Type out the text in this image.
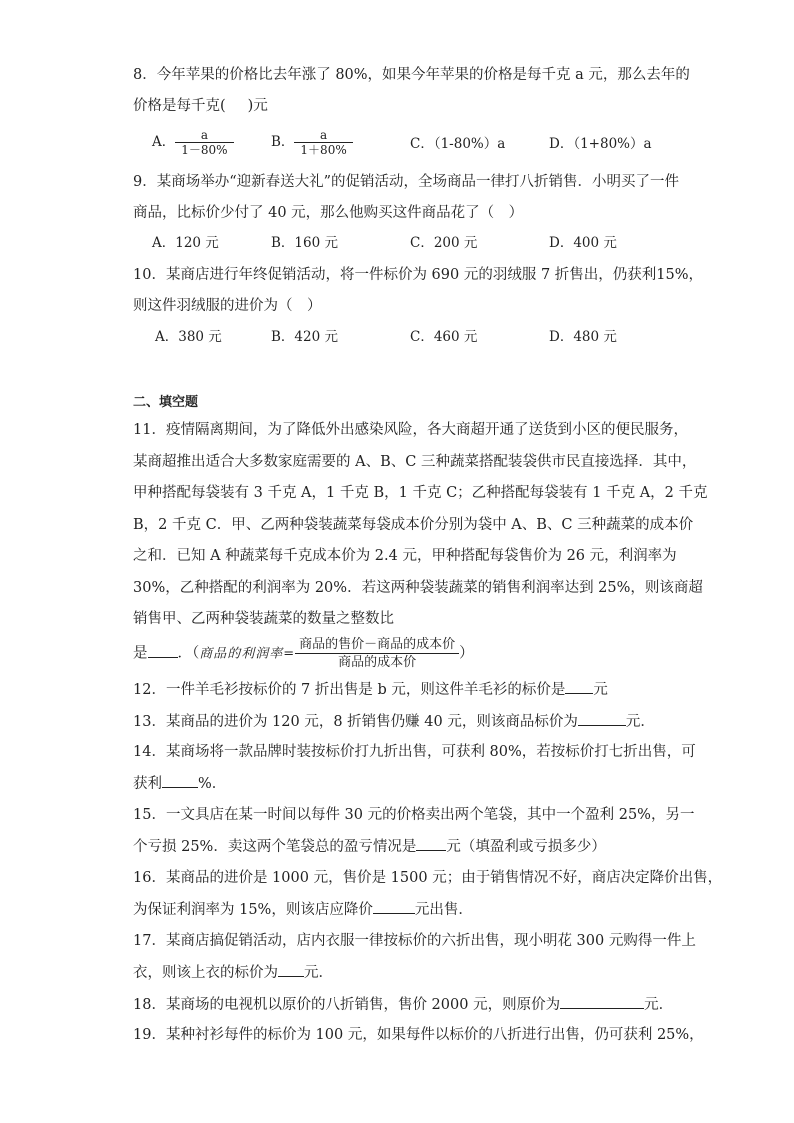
8．今年苹果的价格比去年涨了 80%，如果今年苹果的价格是每千克 a 元，那么去年的
价格是每千克( )元
A． $\frac{a}{1-80\%}$	B． $\frac{a}{1+80\%}$	C．（1-80%）a	D．（1+80%）a
9．某商场举办“迎新春送大礼”的促销活动，全场商品一律打八折销售．小明买了一件
商品，比标价少付了 40 元，那么他购买这件商品花了（　）
A．120 元	B．160 元	C．200 元	D．400 元
10．某商店进行年终促销活动，将一件标价为 690 元的羽绒服 7 折售出，仍获利15%，
则这件羽绒服的进价为（　）
A．380 元	B．420 元	C．460 元	D．480 元
二、填空题
11．疫情隔离期间，为了降低外出感染风险，各大商超开通了送货到小区的便民服务，
某商超推出适合大多数家庭需要的 A、B、C 三种蔬菜搭配装袋供市民直接选择．其中，
甲种搭配每袋装有 3 千克 A，1 千克 B，1 千克 C；乙种搭配每袋装有 1 千克 A，2 千克
B，2 千克 C．甲、乙两种袋装蔬菜每袋成本价分别为袋中 A、B、C 三种蔬菜的成本价
之和．已知 A 种蔬菜每千克成本价为 2.4 元，甲种搭配每袋售价为 26 元，利润率为
30%，乙种搭配的利润率为 20%．若这两种袋装蔬菜的销售利润率达到 25%，则该商超
销售甲、乙两种袋装蔬菜的数量之整数比
是 ．（商品的利润率= $\frac{\text{商品的售价－商品的成本价}}{\text{商品的成本价}}$ ）
12．一件羊毛衫按标价的 7 折出售是 b 元，则这件羊毛衫的标价是 元
13．某商品的进价为 120 元，8 折销售仍赚 40 元，则该商品标价为	元．
14．某商场将一款品牌时装按标价打九折出售，可获利 80%，若按标价打七折出售，可
获利 %．
15．一文具店在某一时间以每件 30 元的价格卖出两个笔袋，其中一个盈利 25%，另一
个亏损 25%．卖这两个笔袋总的盈亏情况是 元（填盈利或亏损多少）
16．某商品的进价是 1000 元，售价是 1500 元；由于销售情况不好，商店决定降价出售，
为保证利润率为 15%，则该店应降价	元出售．
17．某商店搞促销活动，店内衣服一律按标价的六折出售，现小明花 300 元购得一件上
衣，则该上衣的标价为 元．
18．某商场的电视机以原价的八折销售，售价 2000 元，则原价为	元．
19．某种衬衫每件的标价为 100 元，如果每件以标价的八折进行出售，仍可获利 25%，
